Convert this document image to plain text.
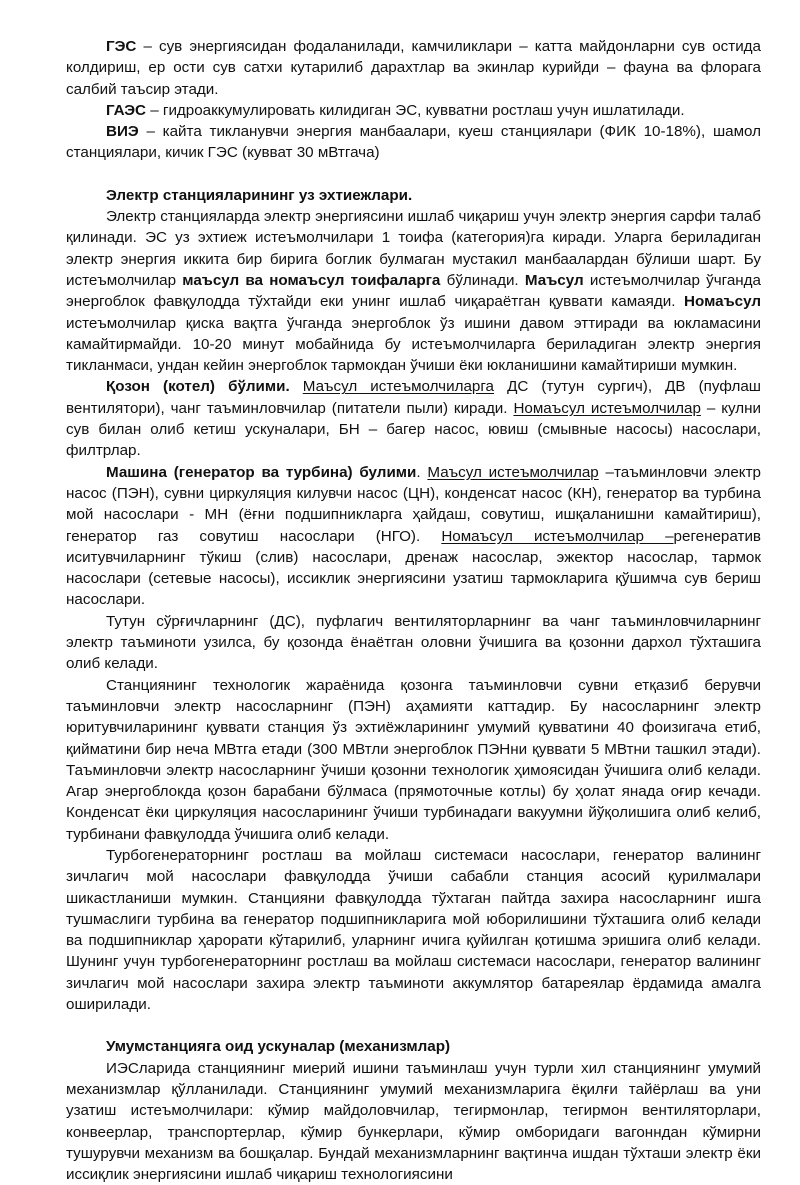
ГЭС – сув энергиясидан фодаланилади, камчиликлари – катта майдонларни сув остида колдириш, ер ости сув сатхи кутарилиб дарахтлар ва экинлар курийди – фауна ва флорага салбий таъсир этади.

ГАЭС – гидроаккумулировать килидиган ЭС, кувватни ростлаш учун ишлатилади.

ВИЭ – кайта тикланувчи энергия манбаалари, куеш станциялари (ФИК 10-18%), шамол станциялари, кичик ГЭС (кувват 30 мВтгача)

Электр станцияларининг уз эхтиежлари.

Электр станцияларда электр энергиясини ишлаб чиқариш учун электр энергия сарфи талаб қилинади. ЭС уз эхтиеж истеъмолчилари 1 тоифа (категория)га киради. Уларга бериладиган электр энергия иккита бир бирига боглик булмаган мустакил манбаалардан бўлиши шарт. Бу истеъмолчилар маъсул ва номаъсул тоифаларга бўлинади. Маъсул истеъмолчилар ўчганда энергоблок фавқулодда тўхтайди еки унинг ишлаб чиқараётган қуввати камаяди. Номаъсул истеъмолчилар қиска вақтга ўчганда энергоблок ўз ишини давом эттиради ва юкламасини камайтирмайди. 10-20 минут мобайнида бу истеъмолчиларга бериладиган электр энергия тикланмаси, ундан кейин энергоблок тармокдан ўчиши ёки юкланишини камайтириши мумкин.

Қозон (котел) бўлими. Маъсул истеъмолчиларга ДС (тутун сургич), ДВ (пуфлаш вентилятори), чанг таъминловчилар (питатели пыли) киради. Номаъсул истеъмолчилар – кулни сув билан олиб кетиш ускуналари, БН – багер насос, ювиш (смывные насосы) насослари, филтрлар.

Машина (генератор ва турбина) булими. Маъсул истеъмолчилар –таъминловчи электр насос (ПЭН), сувни циркуляция килувчи насос (ЦН), конденсат насос (КН), генератор ва турбина мой насослари - МН (ёғни подшипникларга ҳайдаш, совутиш, ишқаланишни камайтириш), генератор газ совутиш насослари (НГО). Номаъсул истеъмолчилар –регенератив иситувчиларнинг тўкиш (слив) насослари, дренаж насослар, эжектор насослар, тармок насослари (сетевые насосы), иссиклик энергиясини узатиш тармокларига қўшимча сув бериш насослари.

Тутун сўрғичларнинг (ДС), пуфлагич вентиляторларнинг ва чанг таъминловчиларнинг электр таъминоти узилса, бу қозонда ёнаётган оловни ўчишига ва қозонни дархол тўхташига олиб келади.

Станциянинг технологик жараёнида қозонга таъминловчи сувни етқазиб берувчи таъминловчи электр насосларнинг (ПЭН) аҳамияти каттадир. Бу насосларнинг электр юритувчиларининг қуввати станция ўз эхтиёжларининг умумий қувватини 40 фоизигача етиб, қийматини бир неча МВтга етади (300 МВтли энергоблок ПЭНни қуввати 5 МВтни ташкил этади). Таъминловчи электр насосларнинг ўчиши қозонни технологик ҳимоясидан ўчишига олиб келади. Агар энергоблокда қозон барабани бўлмаса (прямоточные котлы) бу ҳолат янада оғир кечади. Конденсат ёки циркуляция насосларининг ўчиши турбинадаги вакуумни йўқолишига олиб келиб, турбинани фавқулодда ўчишига олиб келади.

Турбогенераторнинг ростлаш ва мойлаш системаси насослари, генератор валининг зичлагич мой насослари фавқулодда ўчиши сабабли станция асосий қурилмалари шикастланиши мумкин. Станцияни фавқулодда тўхтаган пайтда захира насосларнинг ишга тушмаслиги турбина ва генератор подшипникларига мой юборилишини тўхташига олиб келади ва подшипниклар ҳарорати кўтарилиб, уларнинг ичига қуйилган қотишма эришига олиб келади. Шунинг учун турбогенераторнинг ростлаш ва мойлаш системаси насослари, генератор валининг зичлагич мой насослари захира электр таъминоти аккумлятор батареялар ёрдамида амалга оширилади.

Умумстанцияга оид ускуналар (механизмлар)

ИЭСларида станциянинг миерий ишини таъминлаш учун турли хил станциянинг умумий механизмлар қўлланилади. Станциянинг умумий механизмларига ёқилғи тайёрлаш ва уни узатиш истеъмолчилари: кўмир майдоловчилар, тегирмонлар, тегирмон вентиляторлари, конвеерлар, транспортерлар, кўмир бункерлари, кўмир омборидаги вагонндан кўмирни тушурувчи механизм ва бошқалар. Бундай механизмларнинг вақтинча ишдан тўхташи электр ёки иссиқлик энергиясини ишлаб чиқариш технологиясини
